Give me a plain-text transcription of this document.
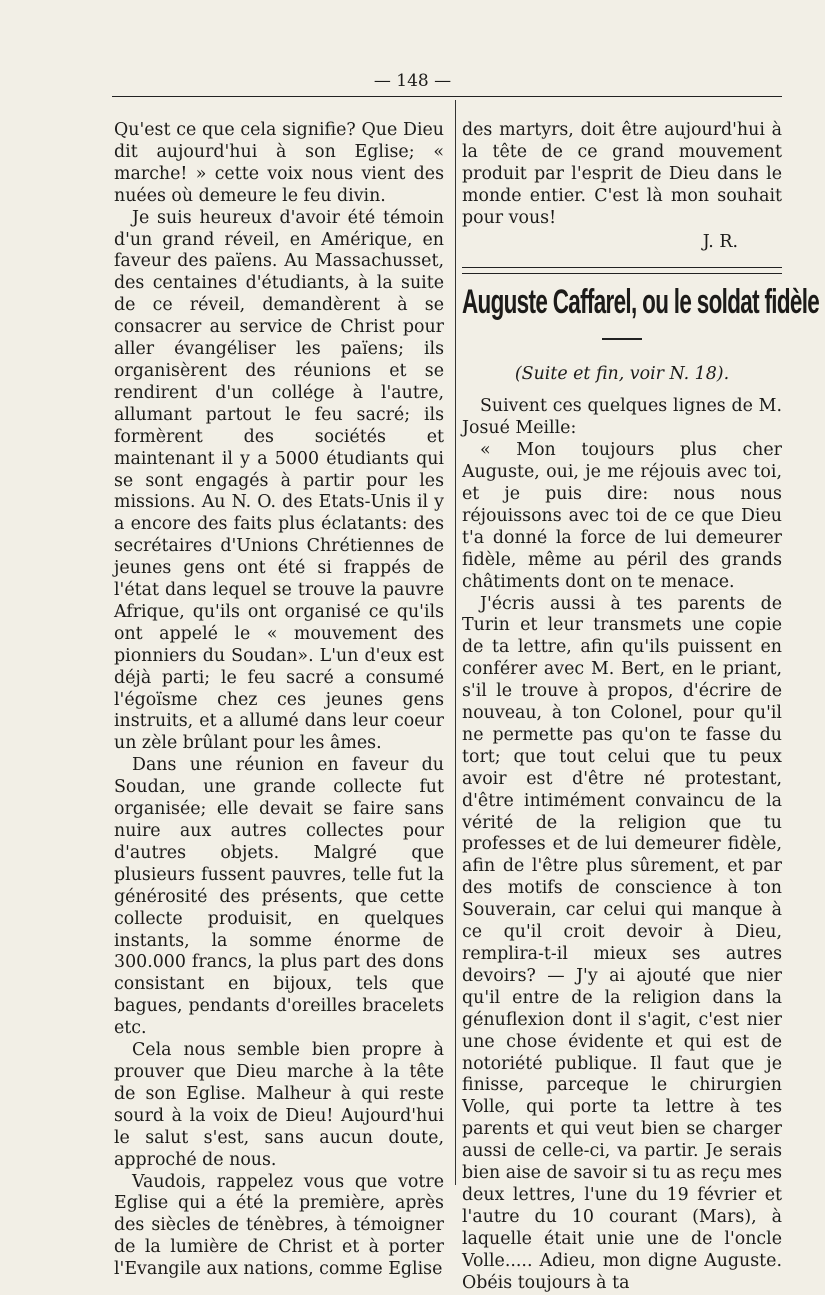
— 148 —

Qu'est ce que cela signifie? Que Dieu dit aujourd'hui à son Eglise; « marche! » cette voix nous vient des nuées où demeure le feu divin.

Je suis heureux d'avoir été témoin d'un grand réveil, en Amérique, en faveur des païens. Au Massachusset, des centaines d'étudiants, à la suite de ce réveil, demandèrent à se consacrer au service de Christ pour aller évangéliser les païens; ils organisèrent des réunions et se rendirent d'un collége à l'autre, allumant partout le feu sacré; ils formèrent des sociétés et maintenant il y a 5000 étudiants qui se sont engagés à partir pour les missions. Au N. O. des Etats-Unis il y a encore des faits plus éclatants: des secrétaires d'Unions Chrétiennes de jeunes gens ont été si frappés de l'état dans lequel se trouve la pauvre Afrique, qu'ils ont organisé ce qu'ils ont appelé le « mouvement des pionniers du Soudan». L'un d'eux est déjà parti; le feu sacré a consumé l'égoïsme chez ces jeunes gens instruits, et a allumé dans leur coeur un zèle brûlant pour les âmes.

Dans une réunion en faveur du Soudan, une grande collecte fut organisée; elle devait se faire sans nuire aux autres collectes pour d'autres objets. Malgré que plusieurs fussent pauvres, telle fut la générosité des présents, que cette collecte produisit, en quelques instants, la somme énorme de 300.000 francs, la plus part des dons consistant en bijoux, tels que bagues, pendants d'oreilles bracelets etc.

Cela nous semble bien propre à prouver que Dieu marche à la tête de son Eglise. Malheur à qui reste sourd à la voix de Dieu! Aujourd'hui le salut s'est, sans aucun doute, approché de nous.

Vaudois, rappelez vous que votre Eglise qui a été la première, après des siècles de ténèbres, à témoigner de la lumière de Christ et à porter l'Evangile aux nations, comme Eglise

des martyrs, doit être aujourd'hui à la tête de ce grand mouvement produit par l'esprit de Dieu dans le monde entier. C'est là mon souhait pour vous!

J. R.
Auguste Caffarel, ou le soldat fidèle
(Suite et fin, voir N. 18).

Suivent ces quelques lignes de M. Josué Meille:

« Mon toujours plus cher Auguste, oui, je me réjouis avec toi, et je puis dire: nous nous réjouissons avec toi de ce que Dieu t'a donné la force de lui demeurer fidèle, même au péril des grands châtiments dont on te menace.

J'écris aussi à tes parents de Turin et leur transmets une copie de ta lettre, afin qu'ils puissent en conférer avec M. Bert, en le priant, s'il le trouve à propos, d'écrire de nouveau, à ton Colonel, pour qu'il ne permette pas qu'on te fasse du tort; que tout celui que tu peux avoir est d'être né protestant, d'être intimément convaincu de la vérité de la religion que tu professes et de lui demeurer fidèle, afin de l'être plus sûrement, et par des motifs de conscience à ton Souverain, car celui qui manque à ce qu'il croit devoir à Dieu, remplira-t-il mieux ses autres devoirs? — J'y ai ajouté que nier qu'il entre de la religion dans la génuflexion dont il s'agit, c'est nier une chose évidente et qui est de notoriété publique. Il faut que je finisse, parceque le chirurgien Volle, qui porte ta lettre à tes parents et qui veut bien se charger aussi de celle-ci, va partir. Je serais bien aise de savoir si tu as reçu mes deux lettres, l'une du 19 février et l'autre du 10 courant (Mars), à laquelle était unie une de l'oncle Volle..... Adieu, mon digne Auguste. Obéis toujours à ta
